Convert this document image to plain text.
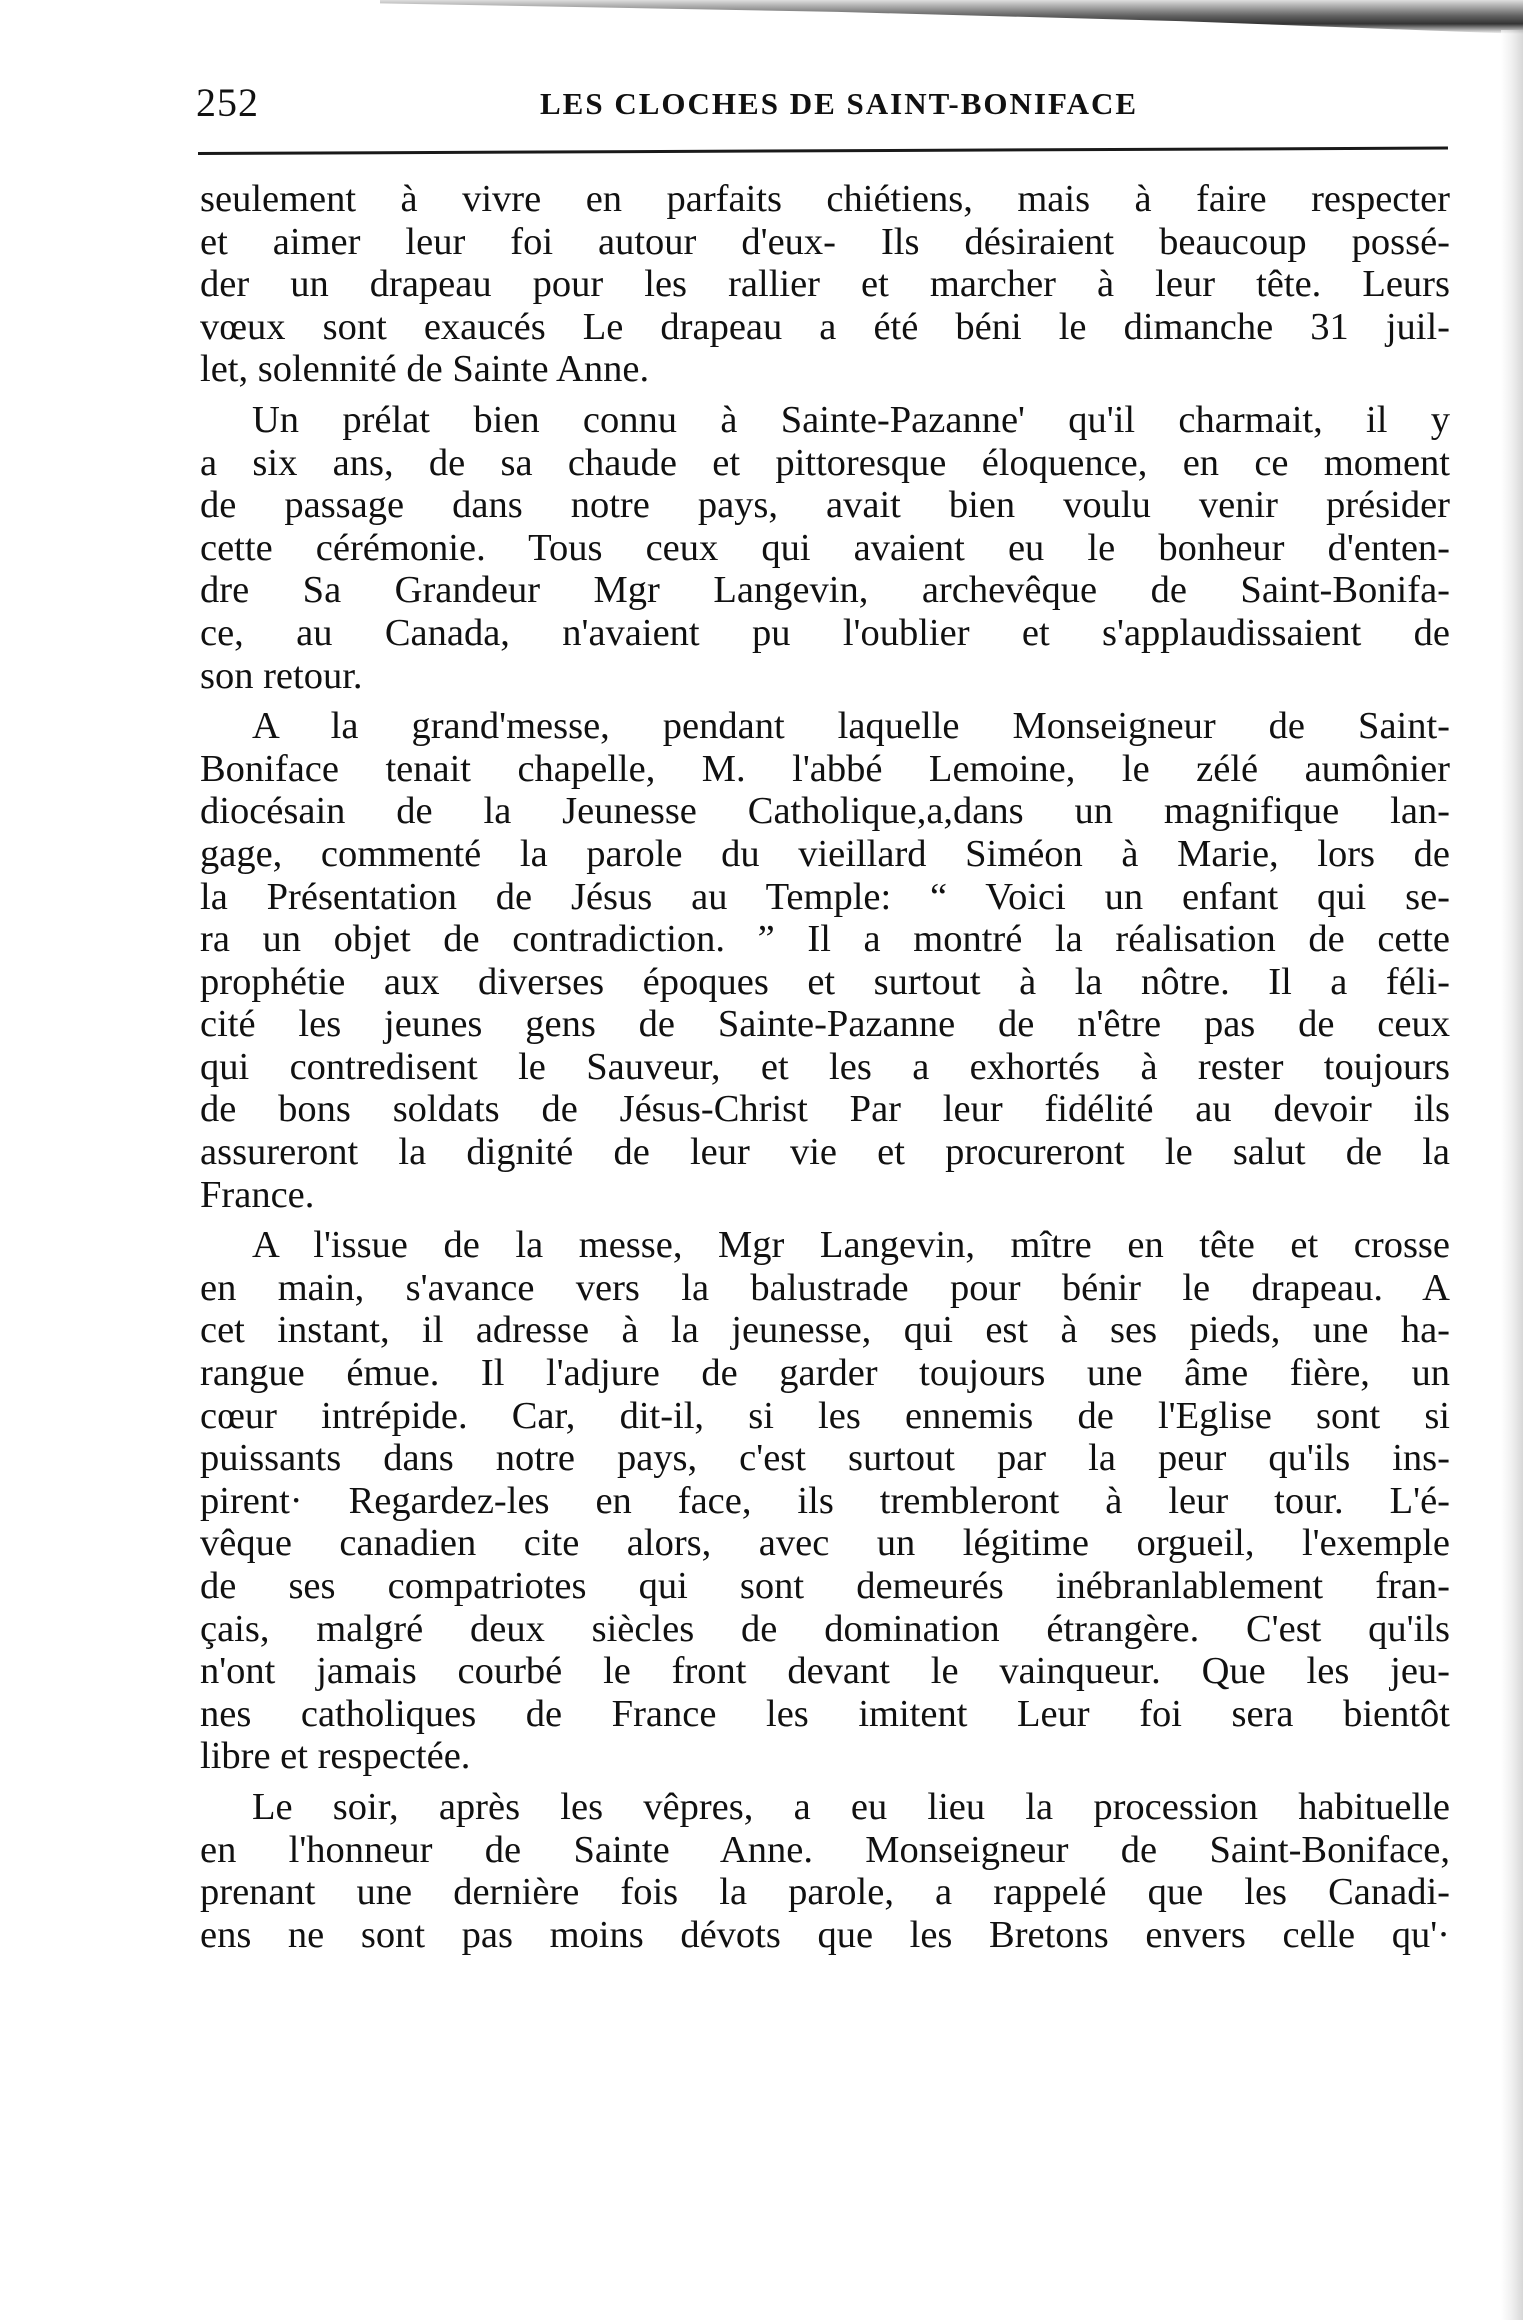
252	LES CLOCHES DE SAINT-BONIFACE

seulement à vivre en parfaits chiétiens, mais à faire respecter
et aimer leur foi autour d'eux- Ils désiraient beaucoup possé-
der un drapeau pour les rallier et marcher à leur tête. Leurs
vœux sont exaucés Le drapeau a été béni le dimanche 31 juil-
let, solennité de Sainte Anne.

Un prélat bien connu à Sainte-Pazanne' qu'il charmait, il y
a six ans, de sa chaude et pittoresque éloquence, en ce moment
de passage dans notre pays, avait bien voulu venir présider
cette cérémonie. Tous ceux qui avaient eu le bonheur d'enten-
dre Sa Grandeur Mgr Langevin, archevêque de Saint-Bonifa-
ce, au Canada, n'avaient pu l'oublier et s'applaudissaient de
son retour.

A la grand'messe, pendant laquelle Monseigneur de Saint-
Boniface tenait chapelle, M. l'abbé Lemoine, le zélé aumônier
diocésain de la Jeunesse Catholique,a,dans un magnifique lan-
gage, commenté la parole du vieillard Siméon à Marie, lors de
la Présentation de Jésus au Temple: “ Voici un enfant qui se-
ra un objet de contradiction. ” Il a montré la réalisation de cette
prophétie aux diverses époques et surtout à la nôtre. Il a féli-
cité les jeunes gens de Sainte-Pazanne de n'être pas de ceux
qui contredisent le Sauveur, et les a exhortés à rester toujours
de bons soldats de Jésus-Christ Par leur fidélité au devoir ils
assureront la dignité de leur vie et procureront le salut de la
France.

A l'issue de la messe, Mgr Langevin, mître en tête et crosse
en main, s'avance vers la balustrade pour bénir le drapeau. A
cet instant, il adresse à la jeunesse, qui est à ses pieds, une ha-
rangue émue. Il l'adjure de garder toujours une âme fière, un
cœur intrépide. Car, dit-il, si les ennemis de l'Eglise sont si
puissants dans notre pays, c'est surtout par la peur qu'ils ins-
pirent· Regardez-les en face, ils trembleront à leur tour. L'é-
vêque canadien cite alors, avec un légitime orgueil, l'exemple
de ses compatriotes qui sont demeurés inébranlablement fran-
çais, malgré deux siècles de domination étrangère. C'est qu'ils
n'ont jamais courbé le front devant le vainqueur. Que les jeu-
nes catholiques de France les imitent Leur foi sera bientôt
libre et respectée.

Le soir, après les vêpres, a eu lieu la procession habituelle
en l'honneur de Sainte Anne. Monseigneur de Saint-Boniface,
prenant une dernière fois la parole, a rappelé que les Canadi-
ens ne sont pas moins dévots que les Bretons envers celle qu'·
